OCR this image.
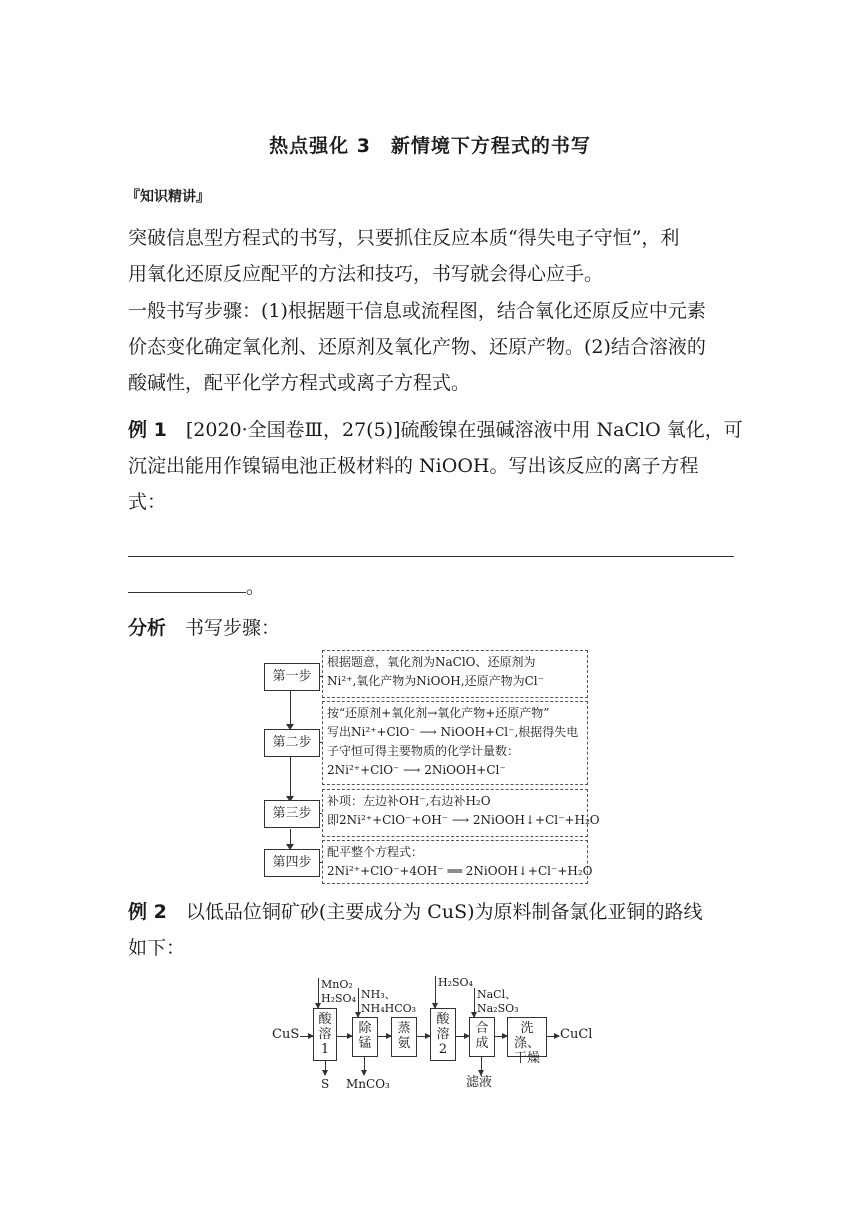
热点强化 3　新情境下方程式的书写
『知识精讲』
突破信息型方程式的书写，只要抓住反应本质“得失电子守恒”，利
用氧化还原反应配平的方法和技巧，书写就会得心应手。
一般书写步骤：(1)根据题干信息或流程图，结合氧化还原反应中元素
价态变化确定氧化剂、还原剂及氧化产物、还原产物。(2)结合溶液的
酸碱性，配平化学方程式或离子方程式。
例 1　 [2020·全国卷Ⅲ，27(5)]硫酸镍在强碱溶液中用 NaClO 氧化，可
沉淀出能用作镍镉电池正极材料的 NiOOH。写出该反应的离子方程
式：
。
分析　 书写步骤：
第一步
第二步
第三步
第四步
根据题意，氧化剂为NaClO、还原剂为
Ni²⁺,氧化产物为NiOOH,还原产物为Cl⁻
按“还原剂+氧化剂→氧化产物+还原产物”
写出Ni²⁺+ClO⁻ ⟶ NiOOH+Cl⁻,根据得失电
子守恒可得主要物质的化学计量数：
2Ni²⁺+ClO⁻ ⟶ 2NiOOH+Cl⁻
补项：左边补OH⁻,右边补H₂O
即2Ni²⁺+ClO⁻+OH⁻ ⟶ 2NiOOH↓+Cl⁻+H₂O
配平整个方程式：
2Ni²⁺+ClO⁻+4OH⁻ ══ 2NiOOH↓+Cl⁻+H₂O
例 2　 以低品位铜矿砂(主要成分为 CuS)为原料制备氯化亚铜的路线
如下：
CuS
酸
溶
1
除
锰
蒸
氨
酸
溶
2
合
成
洗涤、
干燥
CuCl
MnO₂
H₂SO₄ NH₃、
NH₄HCO₃
H₂SO₄
NaCl、
Na₂SO₃
S MnCO₃	滤液
